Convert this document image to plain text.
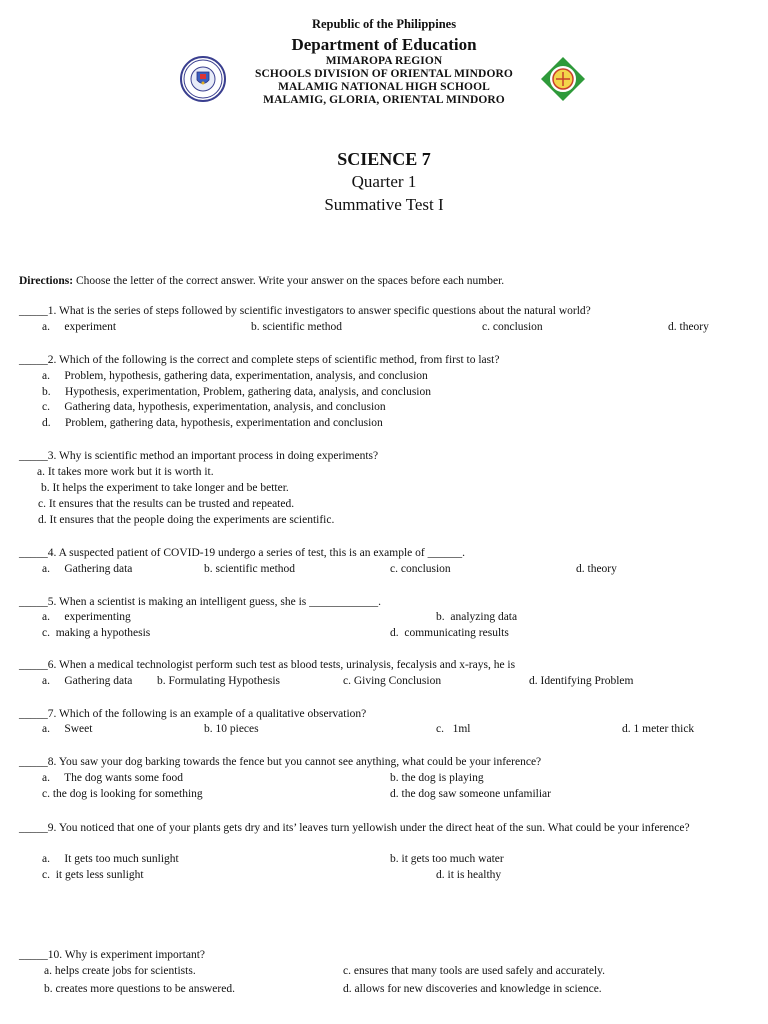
Republic of the Philippines
Department of Education
MIMAROPA REGION
SCHOOLS DIVISION OF ORIENTAL MINDORO
MALAMIG NATIONAL HIGH SCHOOL
MALAMIG, GLORIA, ORIENTAL MINDORO
SCIENCE 7
Quarter 1
Summative Test I
Directions: Choose the letter of the correct answer. Write your answer on the spaces before each number.
_____1. What is the series of steps followed by scientific investigators to answer specific questions about the natural world?
a.     experiment	b. scientific method	c. conclusion	d. theory
_____2. Which of the following is the correct and complete steps of scientific method, from first to last?
a.     Problem, hypothesis, gathering data, experimentation, analysis, and conclusion
b.     Hypothesis, experimentation, Problem, gathering data, analysis, and conclusion
c.     Gathering data, hypothesis, experimentation, analysis, and conclusion
d.     Problem, gathering data, hypothesis, experimentation and conclusion
_____3. Why is scientific method an important process in doing experiments?
a. It takes more work but it is worth it.
b. It helps the experiment to take longer and be better.
c. It ensures that the results can be trusted and repeated.
d. It ensures that the people doing the experiments are scientific.
_____4. A suspected patient of COVID-19 undergo a series of test, this is an example of ______.
a.     Gathering data	b. scientific method	c. conclusion	d. theory
_____5. When a scientist is making an intelligent guess, she is ____________.
a.     experimenting	b.  analyzing data
c.  making a hypothesis	d.  communicating results
_____6. When a medical technologist perform such test as blood tests, urinalysis, fecalysis and x-rays, he is
a.     Gathering data b. Formulating Hypothesis	c. Giving Conclusion	d. Identifying Problem
_____7. Which of the following is an example of a qualitative observation?
a.     Sweet	b. 10 pieces	c.   1ml	d. 1 meter thick
_____8. You saw your dog barking towards the fence but you cannot see anything, what could be your inference?
a.     The dog wants some food	b. the dog is playing
c. the dog is looking for something	d. the dog saw someone unfamiliar
_____9. You noticed that one of your plants gets dry and its’ leaves turn yellowish under the direct heat of the sun. What could be your inference?
a.     It gets too much sunlight	b. it gets too much water
c.  it gets less sunlight	d. it is healthy
_____10. Why is experiment important?
a. helps create jobs for scientists.	c. ensures that many tools are used safely and accurately.
b. creates more questions to be answered.	d. allows for new discoveries and knowledge in science.
